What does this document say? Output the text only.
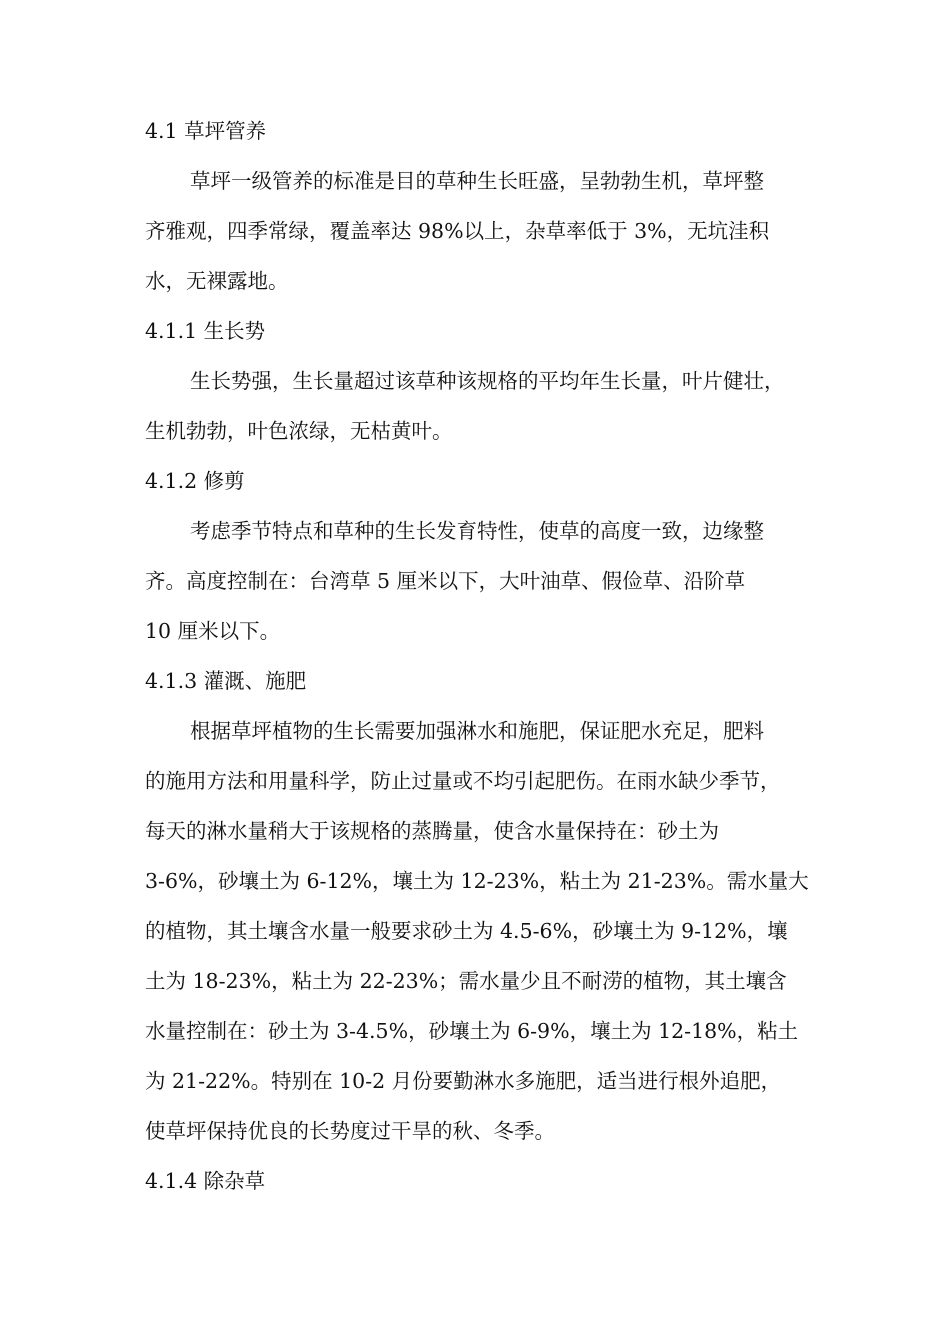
4.1 草坪管养
草坪一级管养的标准是目的草种生长旺盛，呈勃勃生机，草坪整
齐雅观，四季常绿，覆盖率达 98%以上，杂草率低于 3%，无坑洼积
水，无裸露地。
4.1.1 生长势
生长势强，生长量超过该草种该规格的平均年生长量，叶片健壮，
生机勃勃，叶色浓绿，无枯黄叶。
4.1.2 修剪
考虑季节特点和草种的生长发育特性，使草的高度一致，边缘整
齐。高度控制在：台湾草 5 厘米以下，大叶油草、假俭草、沿阶草
10 厘米以下。
4.1.3 灌溉、施肥
根据草坪植物的生长需要加强淋水和施肥，保证肥水充足，肥料
的施用方法和用量科学，防止过量或不均引起肥伤。在雨水缺少季节，
每天的淋水量稍大于该规格的蒸腾量，使含水量保持在：砂土为
3-6%，砂壤土为 6-12%，壤土为 12-23%，粘土为 21-23%。需水量大
的植物，其土壤含水量一般要求砂土为 4.5-6%，砂壤土为 9-12%，壤
土为 18-23%，粘土为 22-23%；需水量少且不耐涝的植物，其土壤含
水量控制在：砂土为 3-4.5%，砂壤土为 6-9%，壤土为 12-18%，粘土
为 21-22%。特别在 10-2 月份要勤淋水多施肥，适当进行根外追肥，
使草坪保持优良的长势度过干旱的秋、冬季。
4.1.4 除杂草
